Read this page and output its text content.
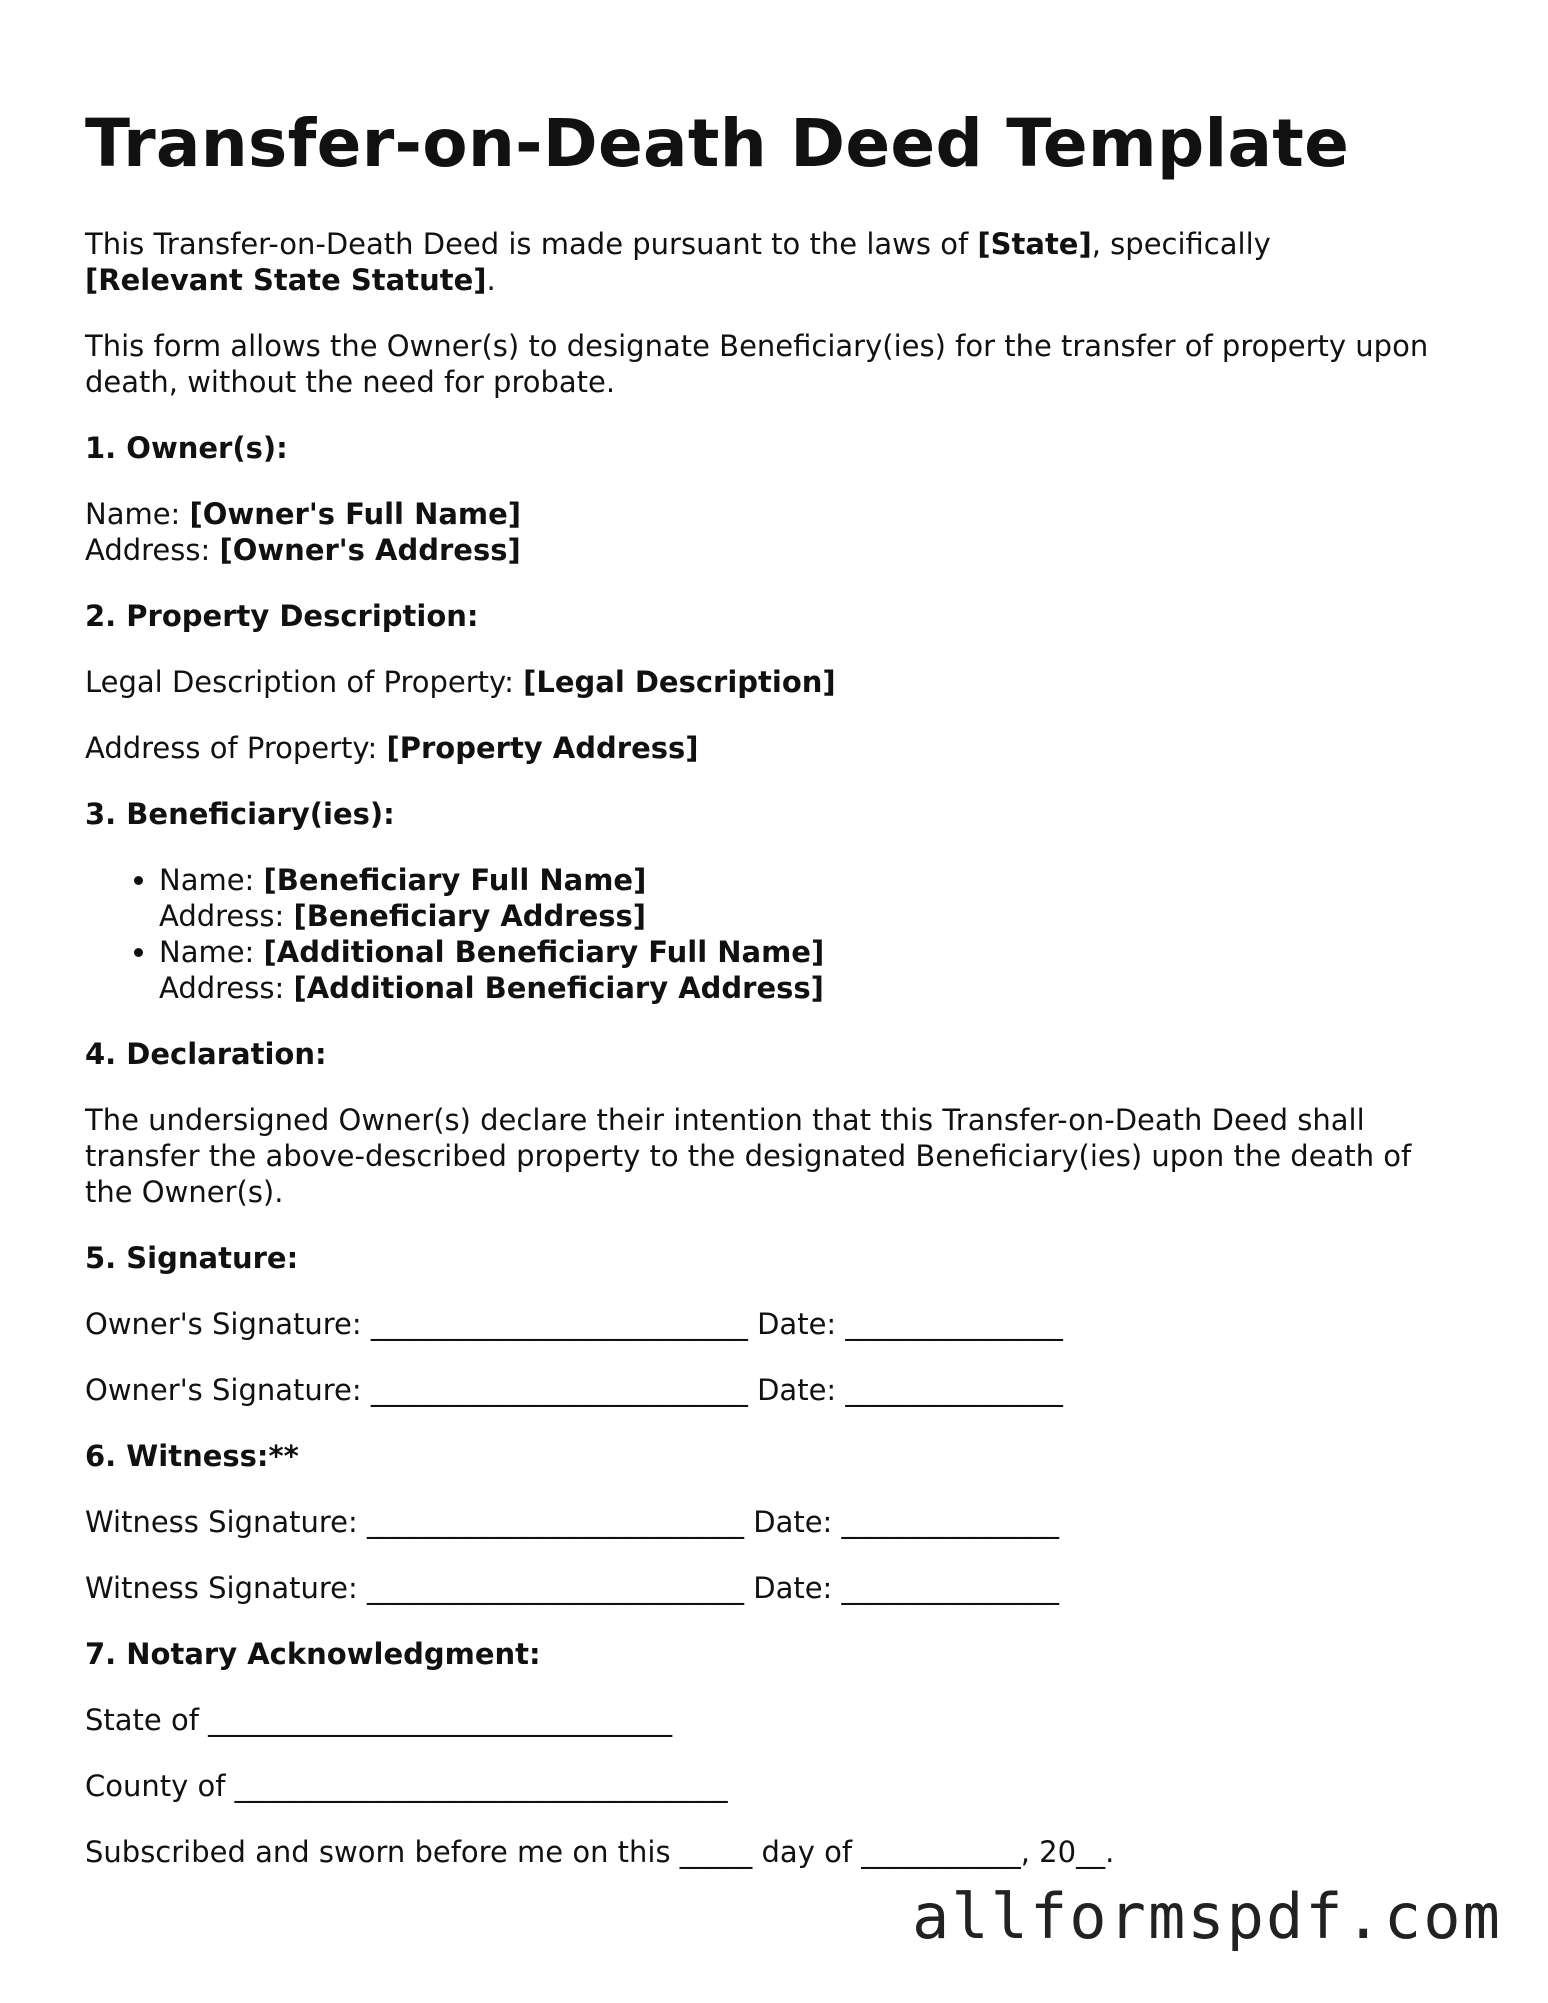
Transfer-on-Death Deed Template

This Transfer-on-Death Deed is made pursuant to the laws of [State], specifically
[Relevant State Statute].

This form allows the Owner(s) to designate Beneficiary(ies) for the transfer of property upon death, without the need for probate.

1. Owner(s):

Name: [Owner's Full Name]
Address: [Owner's Address]

2. Property Description:

Legal Description of Property: [Legal Description]

Address of Property: [Property Address]

3. Beneficiary(ies):
• Name: [Beneficiary Full Name]
Address: [Beneficiary Address]
• Name: [Additional Beneficiary Full Name]
Address: [Additional Beneficiary Address]
4. Declaration:

The undersigned Owner(s) declare their intention that this Transfer-on-Death Deed shall transfer the above-described property to the designated Beneficiary(ies) upon the death of the Owner(s).

5. Signature:

Owner's Signature: __________________________ Date: _______________

Owner's Signature: __________________________ Date: _______________

6. Witness:**

Witness Signature: __________________________ Date: _______________

Witness Signature: __________________________ Date: _______________

7. Notary Acknowledgment:

State of ________________________________

County of __________________________________

Subscribed and sworn before me on this _____ day of ___________, 20__.

allformspdf.com
